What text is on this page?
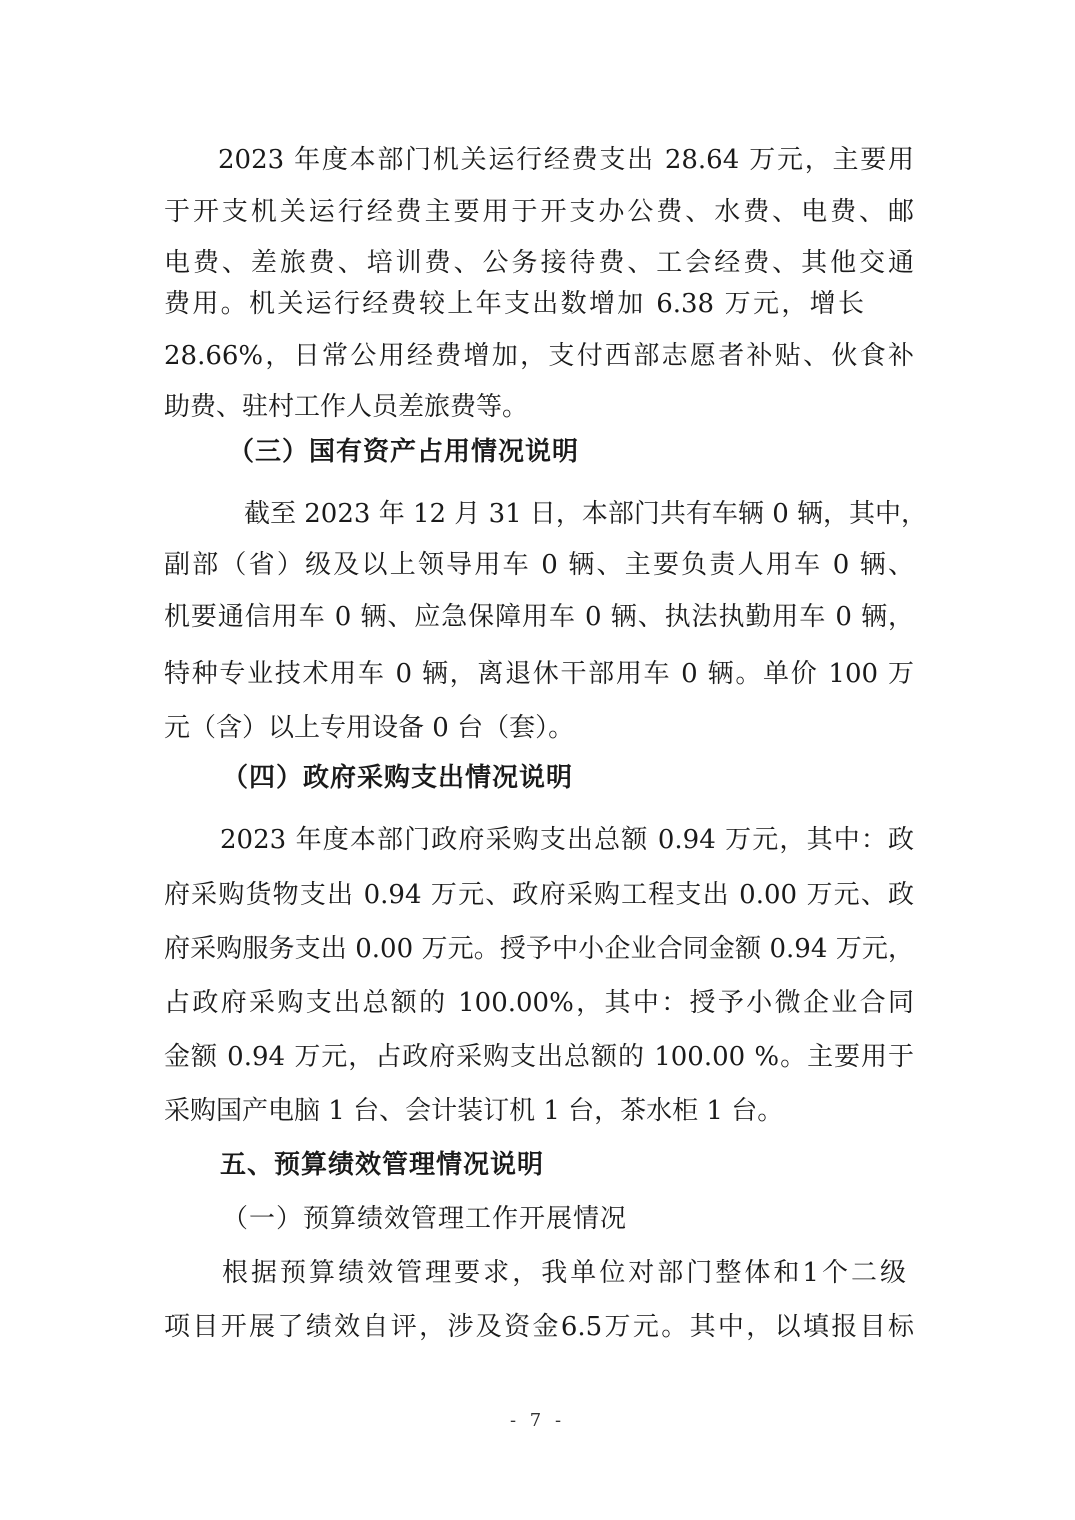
2023 年度本部门机关运行经费支出 28.64 万元，主要用
于开支机关运行经费主要用于开支办公费、水费、电费、邮
电费、差旅费、培训费、公务接待费、工会经费、其他交通
费用。机关运行经费较上年支出数增加 6.38 万元，增长
28.66%，日常公用经费增加，支付西部志愿者补贴、伙食补
助费、驻村工作人员差旅费等。
（三）国有资产占用情况说明
截至 2023 年 12 月 31 日，本部门共有车辆 0 辆，其中，
副部（省）级及以上领导用车 0 辆、主要负责人用车 0 辆、
机要通信用车 0 辆、应急保障用车 0 辆、执法执勤用车 0 辆，
特种专业技术用车 0 辆，离退休干部用车 0 辆。单价 100 万
元（含）以上专用设备 0 台（套）。
（四）政府采购支出情况说明
2023 年度本部门政府采购支出总额 0.94 万元，其中：政
府采购货物支出 0.94 万元、政府采购工程支出 0.00 万元、政
府采购服务支出 0.00 万元。授予中小企业合同金额 0.94 万元，
占政府采购支出总额的 100.00%，其中：授予小微企业合同
金额 0.94 万元，占政府采购支出总额的 100.00 %。主要用于
采购国产电脑 1 台、会计装订机 1 台，茶水柜 1 台。
五、预算绩效管理情况说明
（一）预算绩效管理工作开展情况
根据预算绩效管理要求，我单位对部门整体和1个二级
项目开展了绩效自评，涉及资金6.5万元。其中，以填报目标
- 7 -
